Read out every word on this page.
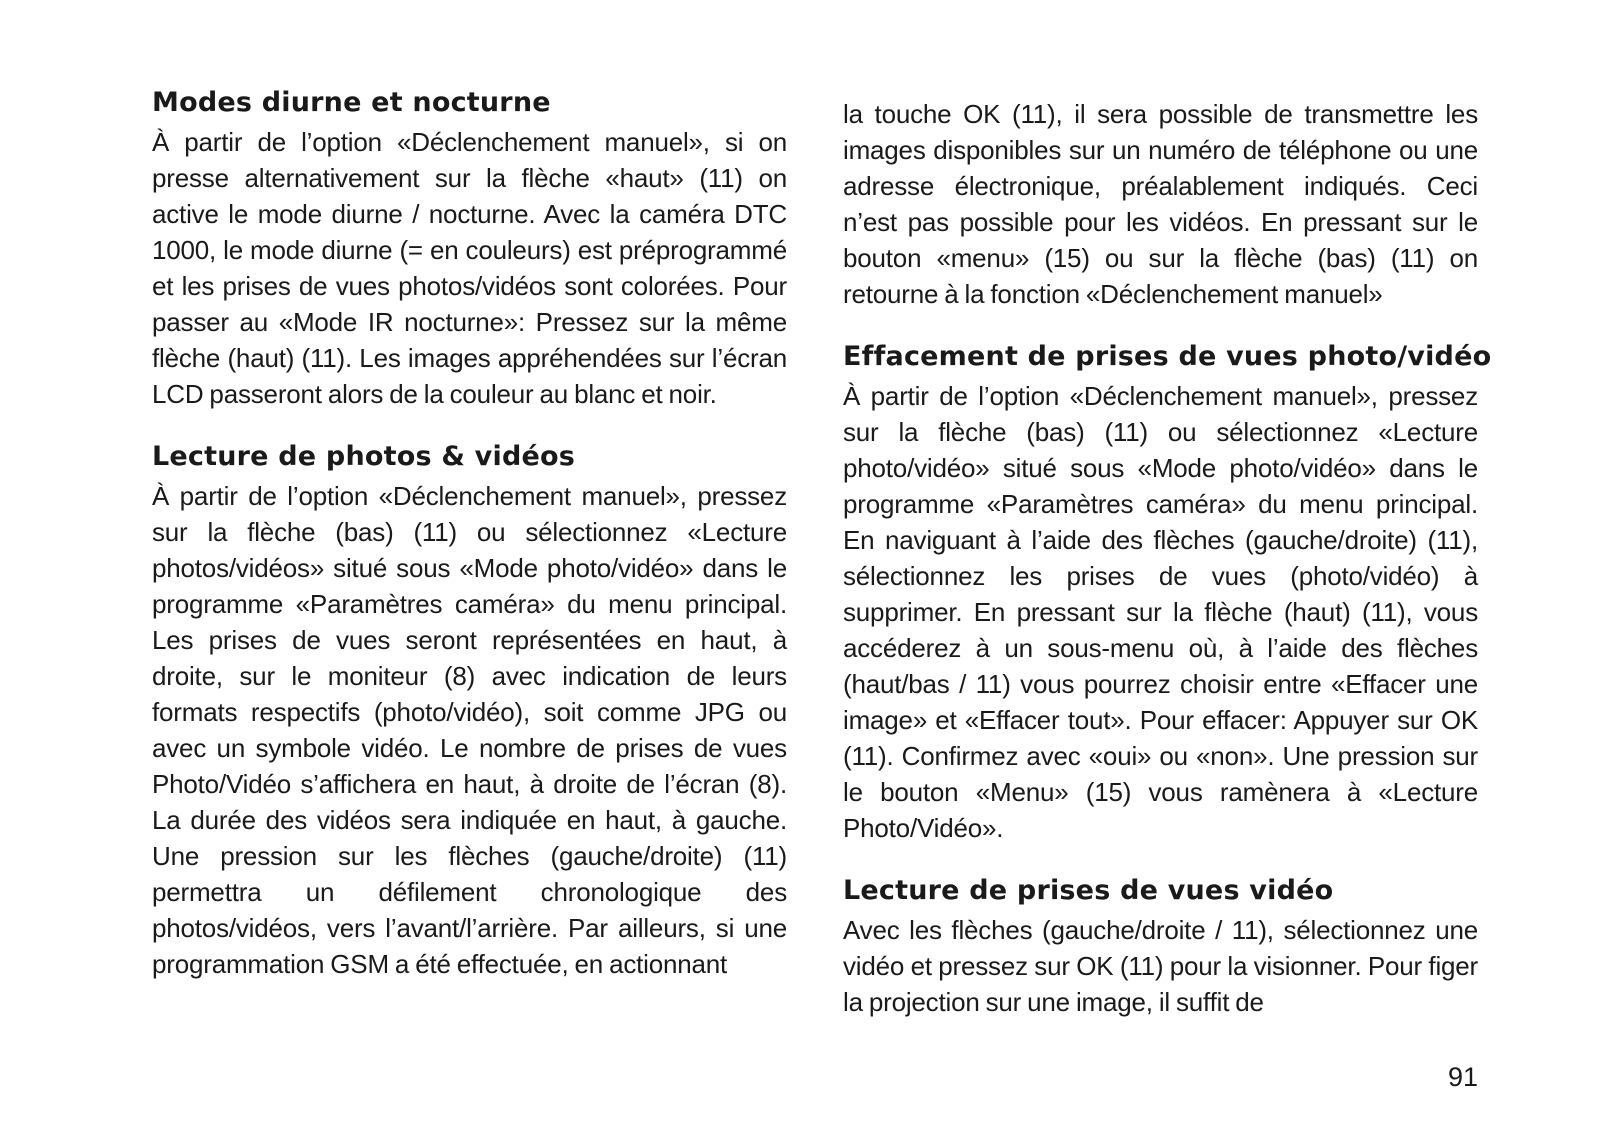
Modes diurne et nocturne

À partir de l’option «Déclenchement manuel», si on presse alternativement sur la flèche «haut» (11) on active le mode diurne / nocturne. Avec la caméra DTC 1000, le mode diurne (= en couleurs) est préprogrammé et les prises de vues photos/vidéos sont colorées. Pour passer au «Mode IR nocturne»: Pressez sur la même flèche (haut) (11). Les images appréhendées sur l’écran LCD passeront alors de la couleur au blanc et noir.

Lecture de photos & vidéos

À partir de l’option «Déclenchement manuel», pressez sur la flèche (bas) (11) ou sélectionnez «Lecture photos/vidéos» situé sous «Mode photo/vidéo» dans le programme «Paramètres caméra» du menu principal. Les prises de vues seront représentées en haut, à droite, sur le moniteur (8) avec indication de leurs formats respectifs (photo/vidéo), soit comme JPG ou avec un symbole vidéo. Le nombre de prises de vues Photo/Vidéo s’affichera en haut, à droite de l’écran (8). La durée des vidéos sera indiquée en haut, à gauche. Une pression sur les flèches (gauche/droite) (11) permettra un défilement chronologique des photos/vidéos, vers l’avant/l’arrière. Par ailleurs, si une programmation GSM a été effectuée, en actionnant

la touche OK (11), il sera possible de transmettre les images disponibles sur un numéro de téléphone ou une adresse électronique, préalablement indiqués. Ceci n’est pas possible pour les vidéos. En pressant sur le bouton «menu» (15) ou sur la flèche (bas) (11) on retourne à la fonction «Déclenchement manuel»

Effacement de prises de vues photo/vidéo

À partir de l’option «Déclenchement manuel», pressez sur la flèche (bas) (11) ou sélectionnez «Lecture photo/vidéo» situé sous «Mode photo/vidéo» dans le programme «Paramètres caméra» du menu principal. En naviguant à l’aide des flèches (gauche/droite) (11), sélectionnez les prises de vues (photo/vidéo) à supprimer. En pressant sur la flèche (haut) (11), vous accéderez à un sous-menu où, à l’aide des flèches (haut/bas / 11) vous pourrez choisir entre «Effacer une image» et «Effacer tout». Pour effacer: Appuyer sur OK (11). Confirmez avec «oui» ou «non». Une pression sur le bouton «Menu» (15) vous ramènera à «Lecture Photo/Vidéo».

Lecture de prises de vues vidéo

Avec les flèches (gauche/droite / 11), sélectionnez une vidéo et pressez sur OK (11) pour la visionner. Pour figer la projection sur une image, il suffit de

91
